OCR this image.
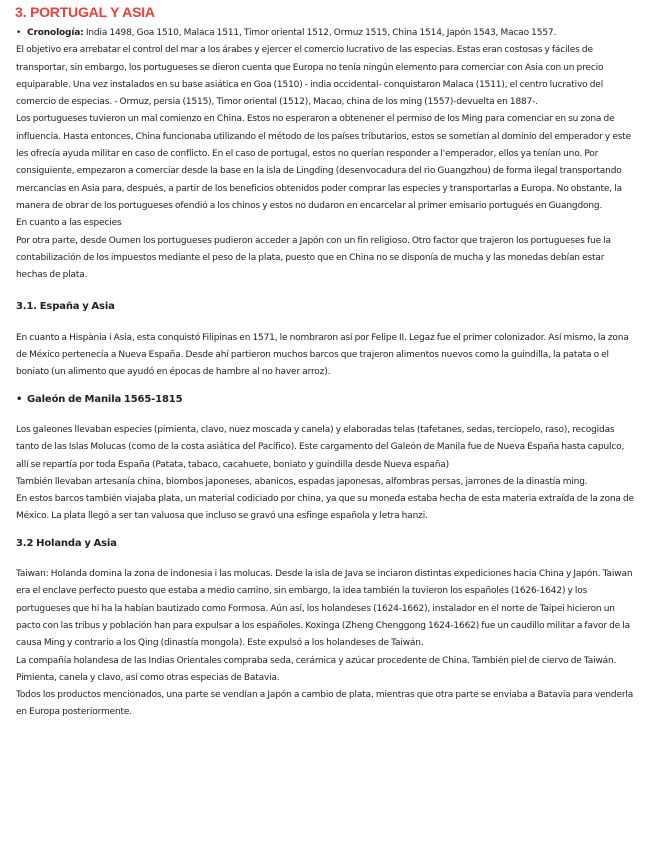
3. PORTUGAL Y ASIA
• Cronología: India 1498, Goa 1510, Malaca 1511, Timor oriental 1512, Ormuz 1515, China 1514, Japón 1543, Macao 1557.

El objetivo era arrebatar el control del mar a los árabes y ejercer el comercio lucrativo de las especias. Estas eran costosas y fáciles de transportar, sin embargo, los portugueses se dieron cuenta que Europa no tenía ningún elemento para comerciar con Asia con un precio equiparable. Una vez instalados en su base asiática en Goa (1510) - india occidental- conquistaron Malaca (1511), el centro lucrativo del comercio de especias. - Ormuz, persia (1515), Timor oriental (1512), Macao, china de los ming (1557)-devuelta en 1887-.

Los portugueses tuvieron un mal comienzo en China. Estos no esperaron a obtenener el permiso de los Ming para comenciar en su zona de influencia. Hasta entonces, China funcionaba utilizando el método de los países tributarios, estos se sometían al dominio del emperador y este les ofrecía ayuda militar en caso de conflicto. En el caso de portugal, estos no querían responder a l'emperador, ellos ya tenían uno. Por consiguiente, empezaron a comerciar desde la base en la isla de Lingding (desenvocadura del rio Guangzhou) de forma ilegal transportando mercancías en Asia para, después, a partir de los beneficios obtenidos poder comprar las especies y transportarlas a Europa. No obstante, la manera de obrar de los portugueses ofendió a los chinos y estos no dudaron en encarcelar al primer emisario portugués en Guangdong.

En cuanto a las especies

Por otra parte, desde Oumen los portugueses pudieron acceder a Japón con un fin religioso. Otro factor que trajeron los portugueses fue la contabilización de los impuestos mediante el peso de la plata, puesto que en China no se disponía de mucha y las monedas debían estar hechas de plata.

3.1. España y Asia

En cuanto a Hispània i Asia, esta conquistó Filipinas en 1571, le nombraron así por Felipe II. Legaz fue el primer colonizador. Así mismo, la zona de México pertenecía a Nueva España. Desde ahí partieron muchos barcos que trajeron alimentos nuevos como la guindilla, la patata o el boniato (un alimento que ayudó en épocas de hambre al no haver arroz).

• Galeón de Manila 1565-1815

Los galeones llevaban especies (pimienta, clavo, nuez moscada y canela) y elaboradas telas (tafetanes, sedas, terciopelo, raso), recogidas tanto de las Islas Molucas (como de la costa asiática del Pacífico). Este cargamento del Galeón de Manila fue de Nueva España hasta capulco, allí se repartía por toda España (Patata, tabaco, cacahuete, boniato y guindilla desde Nueva españa)

También llevaban artesanía china, biombos japoneses, abanicos, espadas japonesas, alfombras persas, jarrones de la dinastía ming.

En estos barcos también viajaba plata, un material codiciado por china, ya que su moneda estaba hecha de esta materia extraída de la zona de México. La plata llegó a ser tan valuosa que incluso se gravó una esfinge española y letra hanzi.

3.2 Holanda y Asia

Taiwan: Holanda domina la zona de indonesia i las molucas. Desde la isla de Java se inciaron distintas expediciones hacia China y Japón. Taiwan era el enclave perfecto puesto que estaba a medio camino, sin embargo, la idea también la tuvieron los españoles (1626-1642) y los portugueses que hi ha la habían bautizado como Formosa. Aún así, los holandeses (1624-1662), instalador en el norte de Taipei hicieron un pacto con las tribus y población han para expulsar a los españoles. Koxinga (Zheng Chenggong 1624-1662) fue un caudillo militar a favor de la causa Ming y contrario a los Qing (dinastía mongola). Este expulsó a los holandeses de Taiwán.

La compañía holandesa de las Indias Orientales compraba seda, cerámica y azúcar procedente de China. También piel de ciervo de Taiwán. Pimienta, canela y clavo, así como otras especias de Batavia.

Todos los productos mencionados, una parte se vendían a Japón a cambio de plata, mientras que otra parte se enviaba a Batavia para venderla en Europa posteriormente.
